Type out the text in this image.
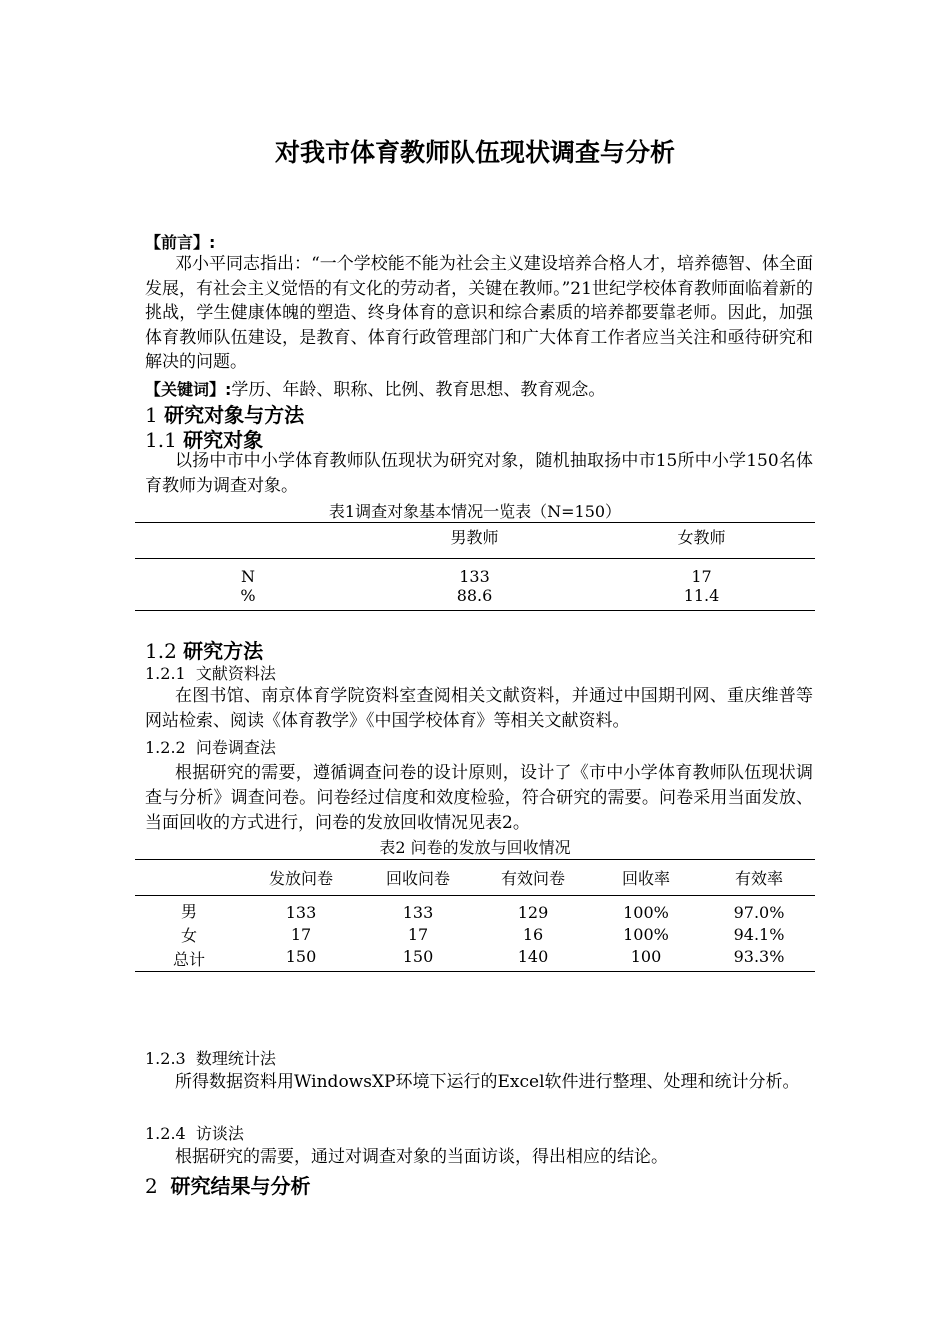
对我市体育教师队伍现状调查与分析
【前言】:
邓小平同志指出：“一个学校能不能为社会主义建设培养合格人才，培养德智、体全面发展，有社会主义觉悟的有文化的劳动者，关键在教师。”21世纪学校体育教师面临着新的挑战，学生健康体魄的塑造、终身体育的意识和综合素质的培养都要靠老师。因此，加强体育教师队伍建设，是教育、体育行政管理部门和广大体育工作者应当关注和亟待研究和解决的问题。
【关键词】:学历、年龄、职称、比例、教育思想、教育观念。
1 研究对象与方法
1.1 研究对象
以扬中市中小学体育教师队伍现状为研究对象，随机抽取扬中市15所中小学150名体育教师为调查对象。
表1调查对象基本情况一览表（N=150）
	男教师	女教师
N	133	17
%	88.6	11.4
1.2 研究方法
1.2.1 文献资料法
在图书馆、南京体育学院资料室查阅相关文献资料，并通过中国期刊网、重庆维普等网站检索、阅读《体育教学》《中国学校体育》等相关文献资料。
1.2.2 问卷调查法
根据研究的需要，遵循调查问卷的设计原则，设计了《市中小学体育教师队伍现状调查与分析》调查问卷。问卷经过信度和效度检验，符合研究的需要。问卷采用当面发放、当面回收的方式进行，问卷的发放回收情况见表2。
表2 问卷的发放与回收情况
	发放问卷	回收问卷	有效问卷	回收率	有效率
男	133	133	129	100%	97.0%
女	17	17	16	100%	94.1%
总计	150	150	140	100	93.3%
1.2.3 数理统计法
所得数据资料用WindowsXP环境下运行的Excel软件进行整理、处理和统计分析。
1.2.4 访谈法
根据研究的需要，通过对调查对象的当面访谈，得出相应的结论。
2 研究结果与分析
